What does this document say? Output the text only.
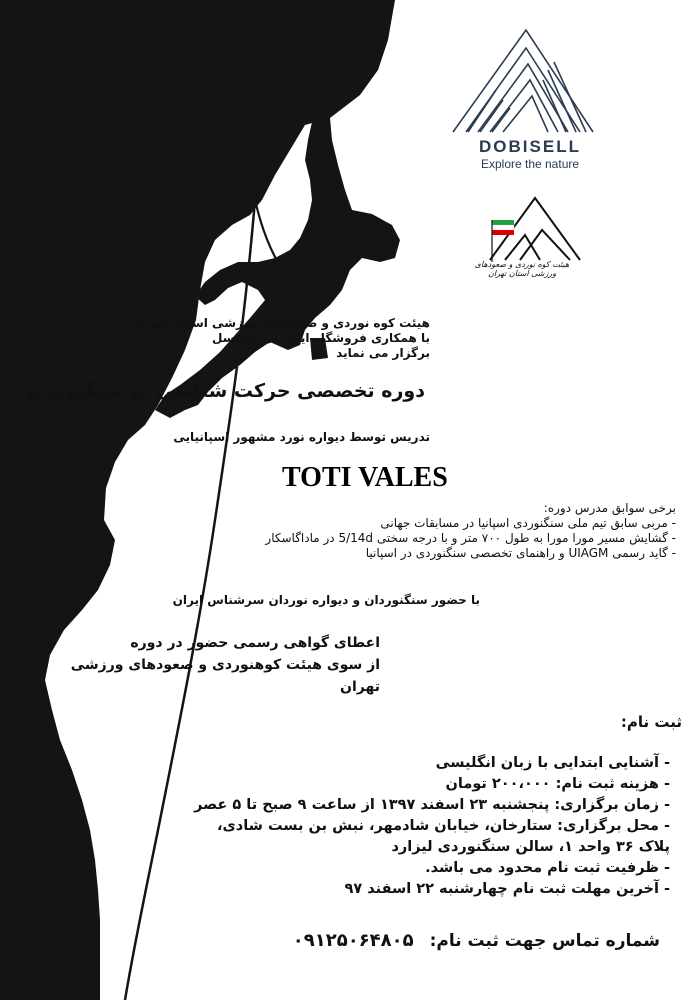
DOBISELL
Explore the nature
هیئت کوه نوردی و صعودهای ورزشی استان تهران
هیئت کوه نوردی و صعودهای ورزشی استان تهران
با همکاری فروشگاه اینترنتی دوبیسل
برگزار می نماید
دوره تخصصی حرکت شناسی در سنگنوردی
تدریس توسط دیواره نورد مشهور اسپانیایی
TOTI VALES
برخی سوابق مدرس دوره:
- مربی سابق تیم ملی سنگنوردی اسپانیا در مسابقات جهانی
- گشایش مسیر مورا مورا به طول ۷۰۰ متر و با درجه سختی 5/14d در ماداگاسکار
- گاید رسمی UIAGM و راهنمای تخصصی سنگنوردی در اسپانیا
با حضور سنگنوردان و دیواره نوردان سرشناس ایران
اعطای گواهی رسمی حضور در دوره
از سوی هیئت کوهنوردی و صعودهای ورزشی تهران
ثبت نام:
- آشنایی ابتدایی با زبان انگلیسی
- هزینه ثبت نام: ۲۰۰،۰۰۰ تومان
- زمان برگزاری: پنجشنبه ۲۳ اسفند ۱۳۹۷ از ساعت ۹ صبح تا ۵ عصر
- محل برگزاری: ستارخان، خیابان شادمهر، نبش بن بست شادی،
پلاک ۳۶ واحد ۱، سالن سنگنوردی لیزارد
- ظرفیت ثبت نام محدود می باشد.
- آخرین مهلت ثبت نام چهارشنبه ۲۲ اسفند ۹۷
شماره تماس جهت ثبت نام: ۰۹۱۲۵۰۶۴۸۰۵
